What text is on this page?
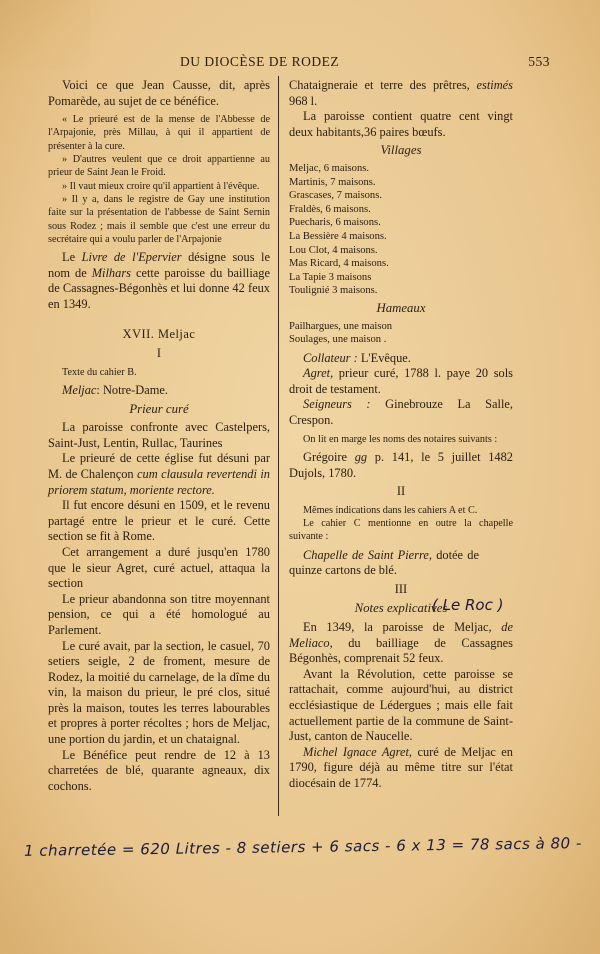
DU DIOCÈSE DE RODEZ	553

Voici ce que Jean Causse, dit, après Pomarède, au sujet de ce bénéfice.

« Le prieuré est de la mense de l'Abbesse de l'Arpajonie, près Millau, à qui il appartient de présenter à la cure.

» D'autres veulent que ce droit appartienne au prieur de Saint Jean le Froid.

» Il vaut mieux croire qu'il appartient à l'évêque.

» Il y a, dans le registre de Gay une institution faite sur la présentation de l'abbesse de Saint Sernin sous Rodez ; mais il semble que c'est une erreur du secrétaire qui a voulu parler de l'Arpajonie

Le Livre de l'Epervier désigne sous le nom de Milhars cette paroisse du bailliage de Cassagnes-Bégonhès et lui donne 42 feux en 1349.

XVII. Meljac
I

Texte du cahier B.

Meljac: Notre-Dame.

Prieur curé

La paroisse confronte avec Castelpers, Saint-Just, Lentin, Rullac, Taurines

Le prieuré de cette église fut désuni par M. de Chalençon cum clausula revertendi in priorem statum, moriente rectore.

Il fut encore désuni en 1509, et le revenu partagé entre le prieur et le curé. Cette section se fit à Rome.

Cet arrangement a duré jusqu'en 1780 que le sieur Agret, curé actuel, attaqua la section

Le prieur abandonna son titre moyennant pension, ce qui a été homologué au Parlement.

Le curé avait, par la section, le casuel, 70 setiers seigle, 2 de froment, mesure de Rodez, la moitié du carnelage, de la dîme du vin, la maison du prieur, le pré clos, situé près la maison, toutes les terres labourables et propres à porter récoltes ; hors de Meljac, une portion du jardin, et un chataignal.

Le Bénéfice peut rendre de 12 à 13 charretées de blé, quarante agneaux, dix cochons.

Chataigneraie et terre des prêtres, estimés 968 l.

La paroisse contient quatre cent vingt deux habitants,36 paires bœufs.

Villages
Meljac, 6 maisons.
Martinis, 7 maisons.
Grascases, 7 maisons.
Fraldès, 6 maisons.
Puecharis, 6 maisons.
La Bessière 4 maisons.
Lou Clot, 4 maisons.
Mas Ricard, 4 maisons.
La Tapie 3 maisons
Toulignié 3 maisons.
Hameaux
Pailhargues, une maison
Soulages, une maison .

Collateur : L'Evêque.

Agret, prieur curé, 1788 l. paye 20 sols droit de testament.

Seigneurs : Ginebrouze La Salle, Crespon.

On lit en marge les noms des notaires suivants :

Grégoire gg p. 141, le 5 juillet 1482 Dujols, 1780.

II

Mêmes indications dans les cahiers A et C.

Le cahier C mentionne en outre la chapelle suivante :

Chapelle de Saint Pierre, dotée de quinze cartons de blé.

III
Notes explicatives

En 1349, la paroisse de Meljac, de Meliaco, du bailliage de Cassagnes Bégonhès, comprenait 52 feux.

Avant la Révolution, cette paroisse se rattachait, comme aujourd'hui, au district ecclésiastique de Lédergues ; mais elle fait actuellement partie de la commune de Saint-Just, canton de Naucelle.

Michel Ignace Agret, curé de Meljac en 1790, figure déjà au même titre sur l'état diocésain de 1774.

( Le Roc )
1 charretée = 620 Litres - 8 setiers + 6 sacs - 6 x 13 = 78 sacs à 80 -
